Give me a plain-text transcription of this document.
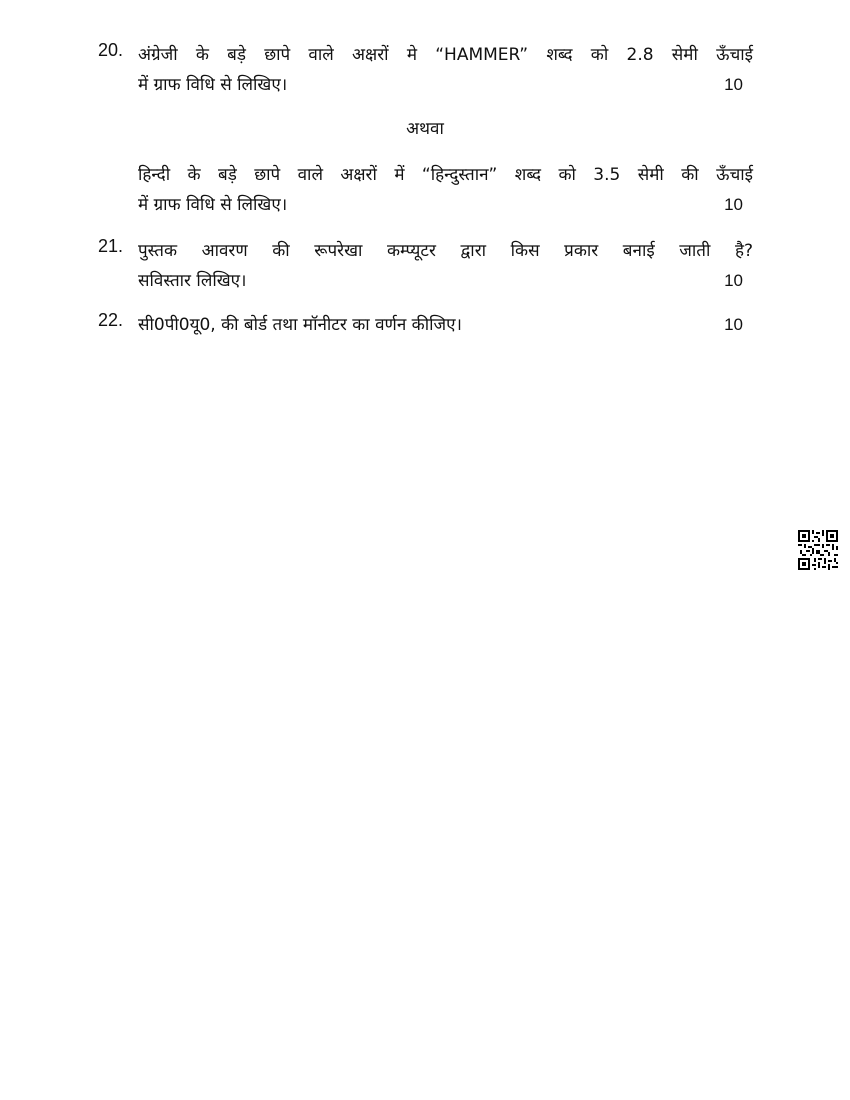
20. अंग्रेजी के बड़े छापे वाले अक्षरों मे “HAMMER” शब्द को 2.8 सेमी ऊँचाई
में ग्राफ विधि से लिखिए।	10
अथवा
हिन्दी के बड़े छापे वाले अक्षरों में “हिन्दुस्तान” शब्द को 3.5 सेमी की ऊँचाई
में ग्राफ विधि से लिखिए।	10
21. पुस्तक आवरण की रूपरेखा कम्प्यूटर द्वारा किस प्रकार बनाई जाती है?
सविस्तार लिखिए।	10
22. सी0पी0यू0, की बोर्ड तथा मॉनीटर का वर्णन कीजिए।	10
